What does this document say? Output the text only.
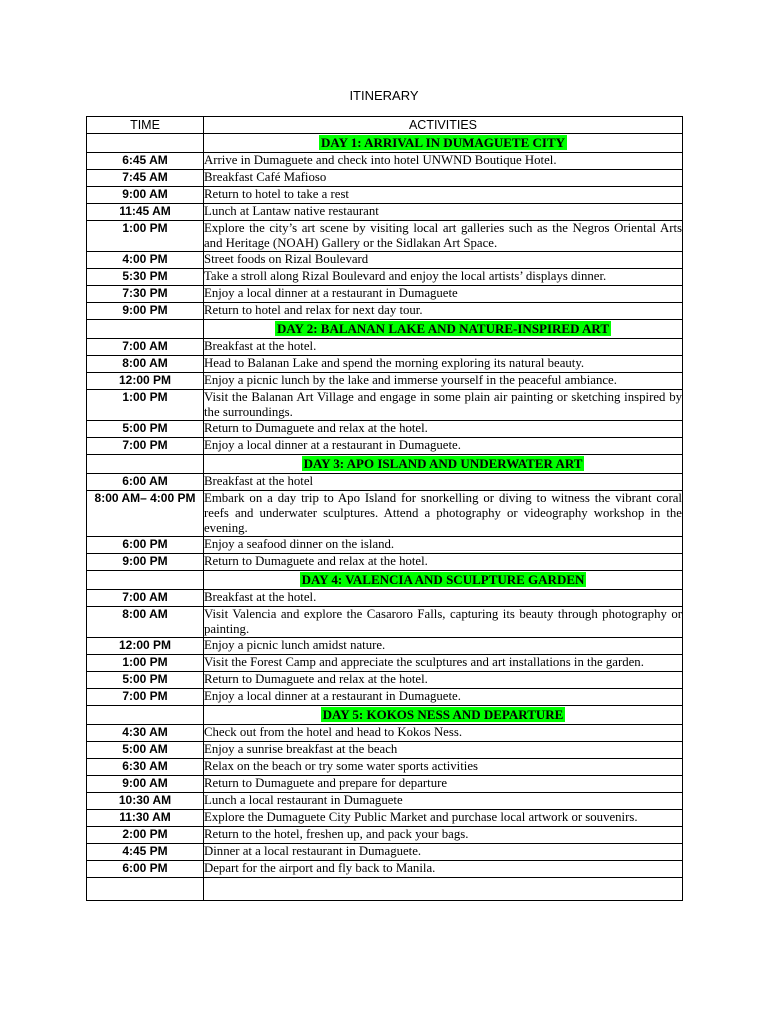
ITINERARY
TIME	ACTIVITIES
	DAY 1: ARRIVAL IN DUMAGUETE CITY
6:45 AM	Arrive in Dumaguete and check into hotel UNWND Boutique Hotel.
7:45 AM	Breakfast Café Mafioso
9:00 AM	Return to hotel to take a rest
11:45 AM	Lunch at Lantaw native restaurant
1:00 PM	Explore the city’s art scene by visiting local art galleries such as the Negros Oriental Arts and Heritage (NOAH) Gallery or the Sidlakan Art Space.
4:00 PM	Street foods on Rizal Boulevard
5:30 PM	Take a stroll along Rizal Boulevard and enjoy the local artists’ displays dinner.
7:30 PM	Enjoy a local dinner at a restaurant in Dumaguete
9:00 PM	Return to hotel and relax for next day tour.
	DAY 2: BALANAN LAKE AND NATURE-INSPIRED ART
7:00 AM	Breakfast at the hotel.
8:00 AM	Head to Balanan Lake and spend the morning exploring its natural beauty.
12:00 PM	Enjoy a picnic lunch by the lake and immerse yourself in the peaceful ambiance.
1:00 PM	Visit the Balanan Art Village and engage in some plain air painting or sketching inspired by the surroundings.
5:00 PM	Return to Dumaguete and relax at the hotel.
7:00 PM	Enjoy a local dinner at a restaurant in Dumaguete.
	DAY 3: APO ISLAND AND UNDERWATER ART
6:00 AM	Breakfast at the hotel
8:00 AM– 4:00 PM	Embark on a day trip to Apo Island for snorkelling or diving to witness the vibrant coral reefs and underwater sculptures. Attend a photography or videography workshop in the evening.
6:00 PM	Enjoy a seafood dinner on the island.
9:00 PM	Return to Dumaguete and relax at the hotel.
	DAY 4: VALENCIA AND SCULPTURE GARDEN
7:00 AM	Breakfast at the hotel.
8:00 AM	Visit Valencia and explore the Casaroro Falls, capturing its beauty through photography or painting.
12:00 PM	Enjoy a picnic lunch amidst nature.
1:00 PM	Visit the Forest Camp and appreciate the sculptures and art installations in the garden.
5:00 PM	Return to Dumaguete and relax at the hotel.
7:00 PM	Enjoy a local dinner at a restaurant in Dumaguete.
	DAY 5: KOKOS NESS AND DEPARTURE
4:30 AM	Check out from the hotel and head to Kokos Ness.
5:00 AM	Enjoy a sunrise breakfast at the beach
6:30 AM	Relax on the beach or try some water sports activities
9:00 AM	Return to Dumaguete and prepare for departure
10:30 AM	Lunch a local restaurant in Dumaguete
11:30 AM	Explore the Dumaguete City Public Market and purchase local artwork or souvenirs.
2:00 PM	Return to the hotel, freshen up, and pack your bags.
4:45 PM	Dinner at a local restaurant in Dumaguete.
6:00 PM	Depart for the airport and fly back to Manila.
